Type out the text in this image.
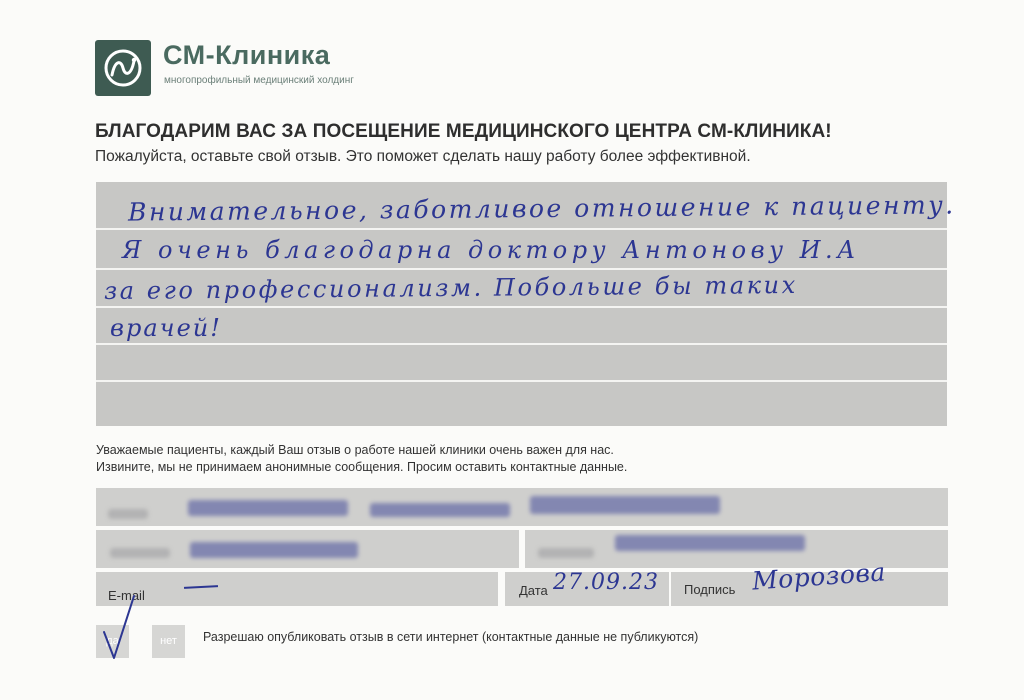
СМ-Клиника
многопрофильный медицинский холдинг
БЛАГОДАРИМ ВАС ЗА ПОСЕЩЕНИЕ МЕДИЦИНСКОГО ЦЕНТРА СМ-КЛИНИКА!
Пожалуйста, оставьте свой отзыв. Это поможет сделать нашу работу более эффективной.
Внимательное, заботливое отношение к пациенту.
Я очень благодарна доктору Антонову И.А
за его профессионализм. Побольше бы таких
врачей!
Уважаемые пациенты, каждый Ваш отзыв о работе нашей клиники очень важен для нас.
Извините, мы не принимаем анонимные сообщения. Просим оставить контактные данные.
E-mail	Дата 27.09.23 Подпись Морозова
да	нет	Разрешаю опубликовать отзыв в сети интернет (контактные данные не публикуются)
